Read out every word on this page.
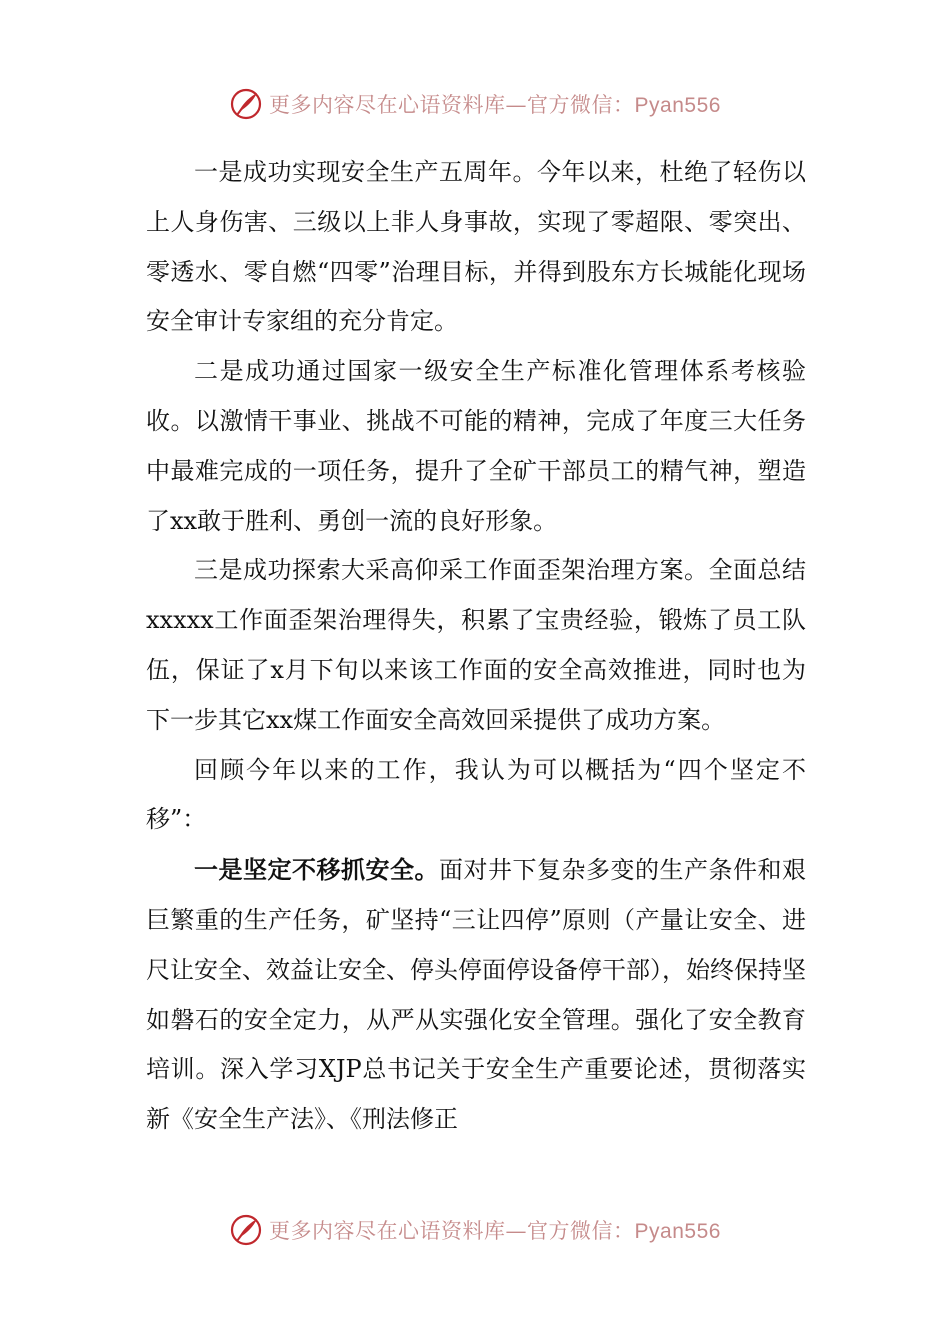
更多内容尽在心语资料库—官方微信：Pyan556

一是成功实现安全生产五周年。今年以来，杜绝了轻伤以上人身伤害、三级以上非人身事故，实现了零超限、零突出、零透水、零自燃“四零”治理目标，并得到股东方长城能化现场安全审计专家组的充分肯定。

二是成功通过国家一级安全生产标准化管理体系考核验收。以激情干事业、挑战不可能的精神，完成了年度三大任务中最难完成的一项任务，提升了全矿干部员工的精气神，塑造了xx敢于胜利、勇创一流的良好形象。

三是成功探索大采高仰采工作面歪架治理方案。全面总结xxxxx工作面歪架治理得失，积累了宝贵经验，锻炼了员工队伍，保证了x月下旬以来该工作面的安全高效推进，同时也为下一步其它xx煤工作面安全高效回采提供了成功方案。

回顾今年以来的工作，我认为可以概括为“四个坚定不移”：

一是坚定不移抓安全。面对井下复杂多变的生产条件和艰巨繁重的生产任务，矿坚持“三让四停”原则（产量让安全、进尺让安全、效益让安全、停头停面停设备停干部），始终保持坚如磐石的安全定力，从严从实强化安全管理。强化了安全教育培训。深入学习XJP总书记关于安全生产重要论述，贯彻落实新《安全生产法》、《刑法修正

更多内容尽在心语资料库—官方微信：Pyan556
